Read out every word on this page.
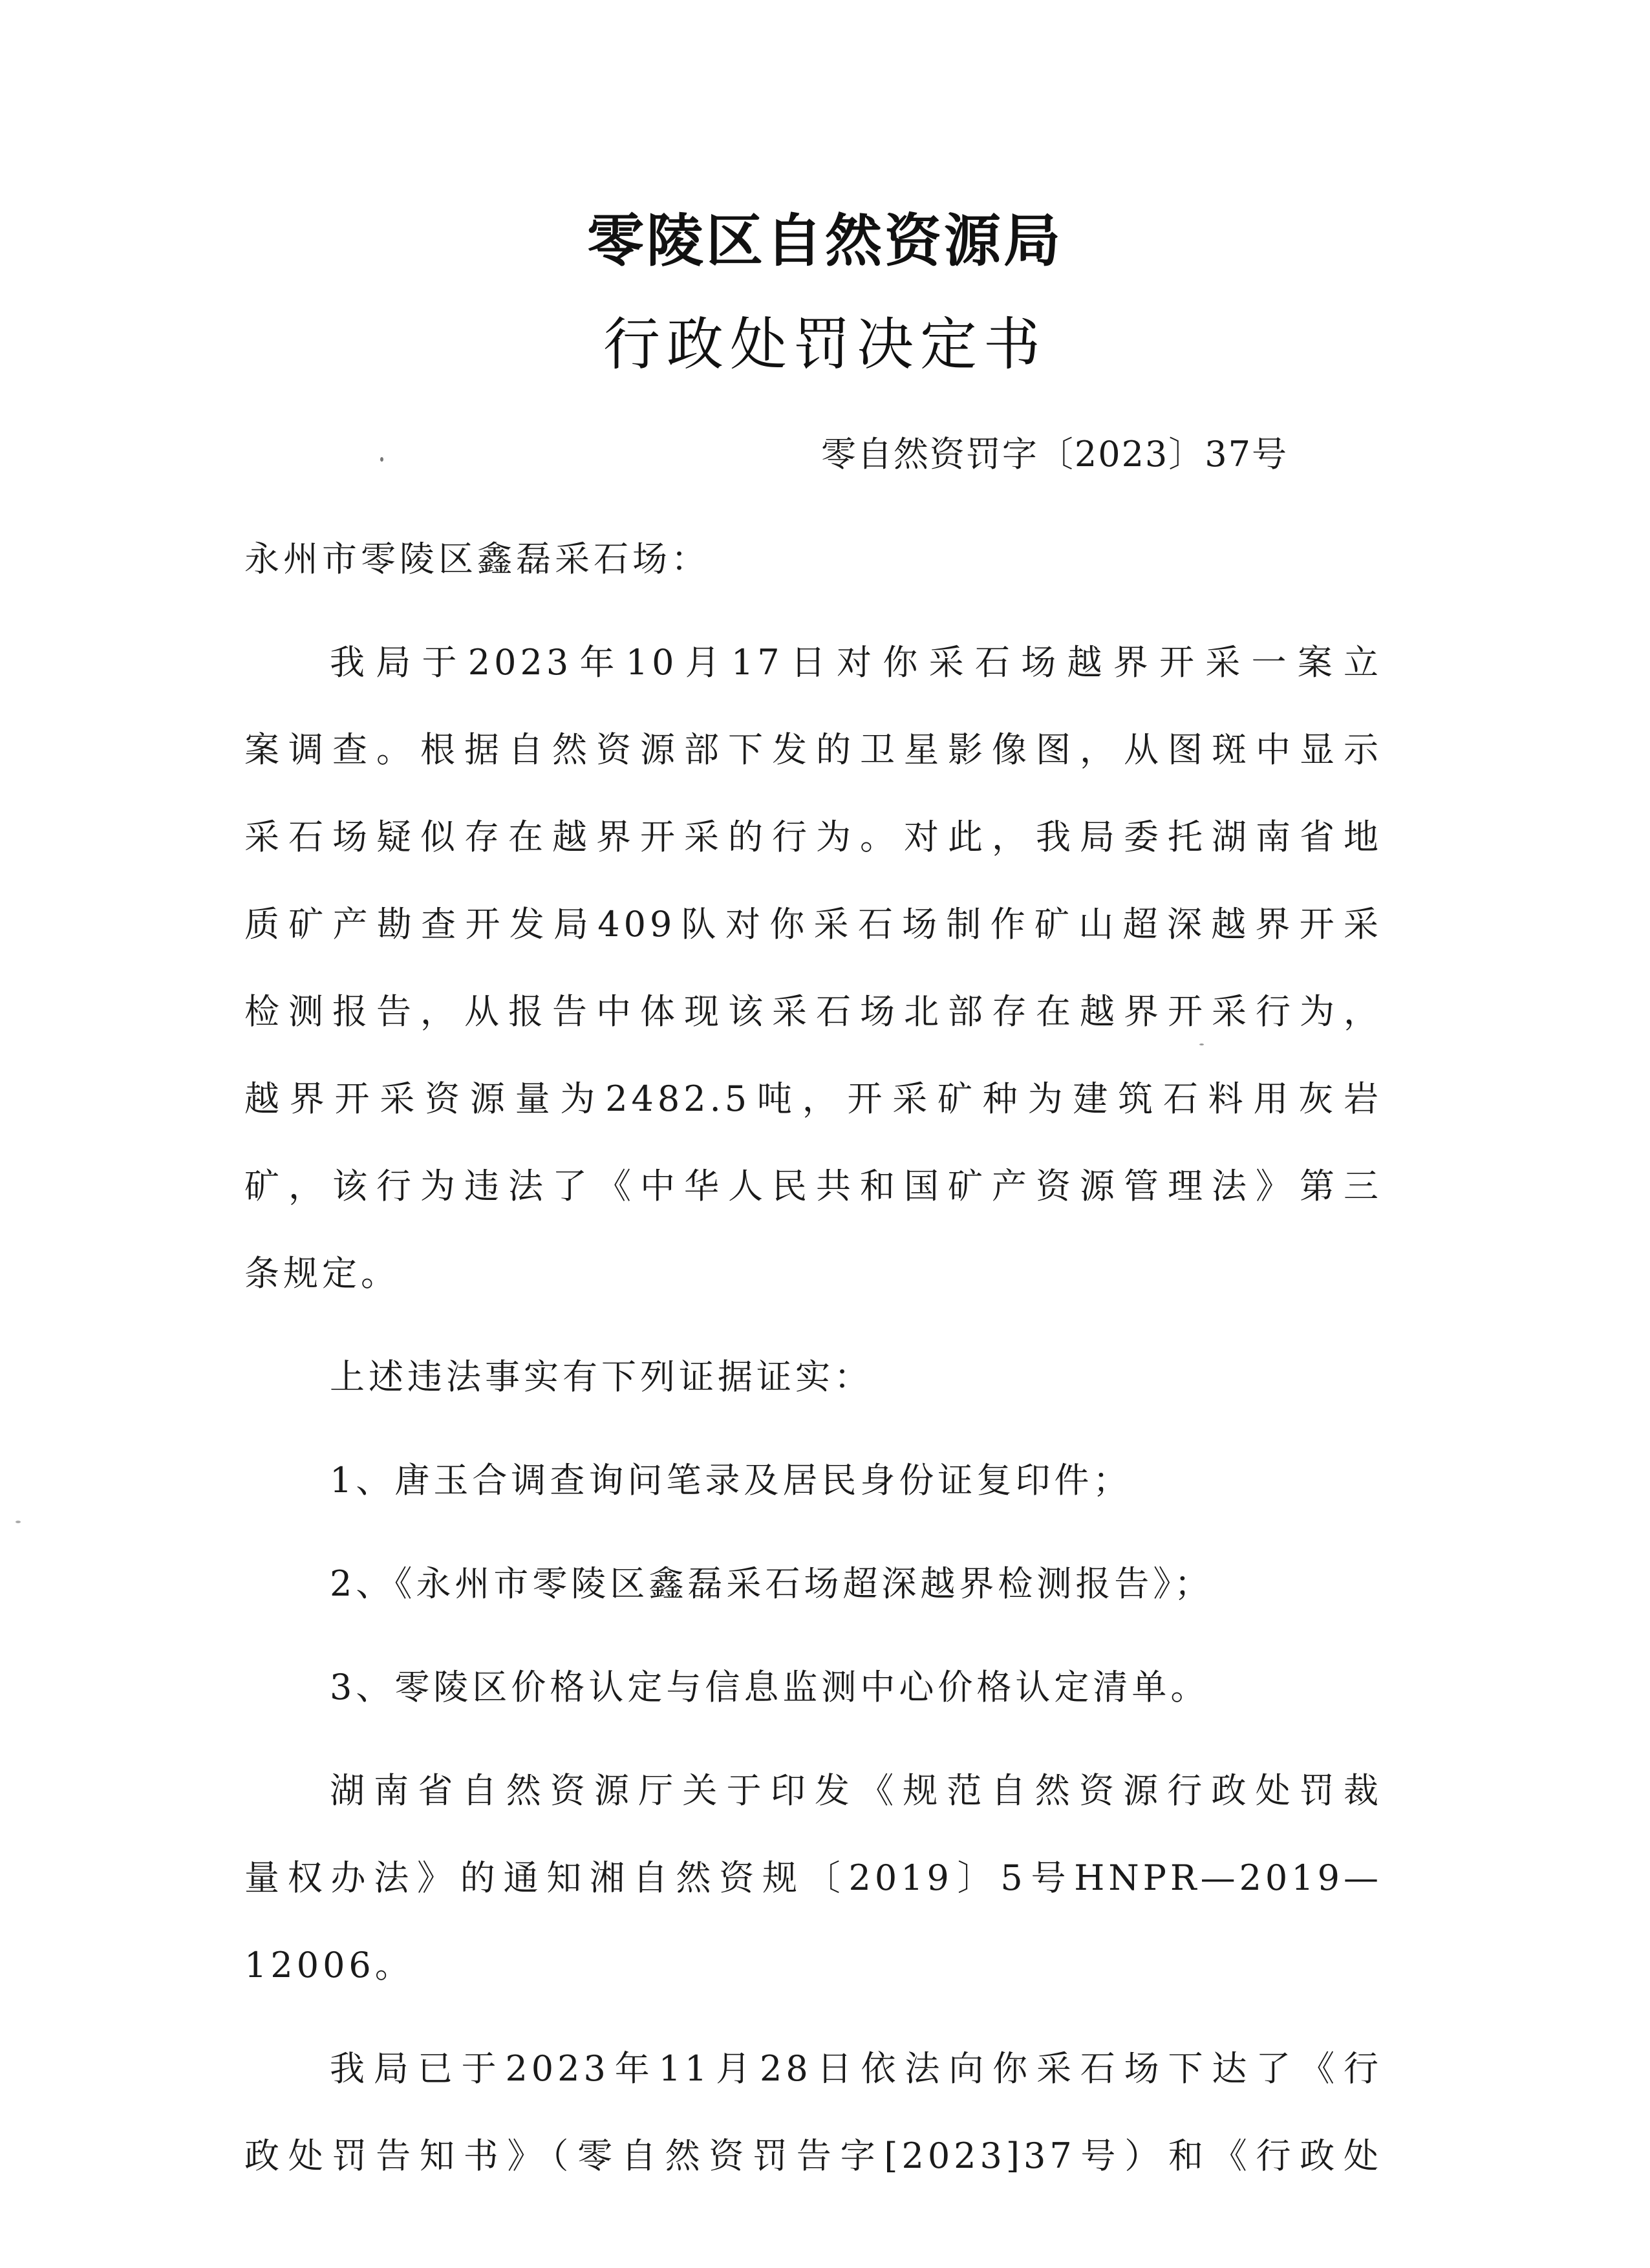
零陵区自然资源局
行政处罚决定书
零自然资罚字〔2023〕37号
永州市零陵区鑫磊采石场：
我局于2023年10月17日对你采石场越界开采一案立
案调查。根据自然资源部下发的卫星影像图，从图斑中显示
采石场疑似存在越界开采的行为。对此，我局委托湖南省地
质矿产勘查开发局409队对你采石场制作矿山超深越界开采
检测报告，从报告中体现该采石场北部存在越界开采行为，
越界开采资源量为2482.5吨，开采矿种为建筑石料用灰岩
矿，该行为违法了《中华人民共和国矿产资源管理法》第三
条规定。
上述违法事实有下列证据证实：
1、唐玉合调查询问笔录及居民身份证复印件；
2、《永州市零陵区鑫磊采石场超深越界检测报告》；
3、零陵区价格认定与信息监测中心价格认定清单。
湖南省自然资源厅关于印发《规范自然资源行政处罚裁
量权办法》的通知湘自然资规〔2019〕5号HNPR—2019—
12006。
我局已于2023年11月28日依法向你采石场下达了《行
政处罚告知书》（零自然资罚告字[2023]37号）和《行政处
